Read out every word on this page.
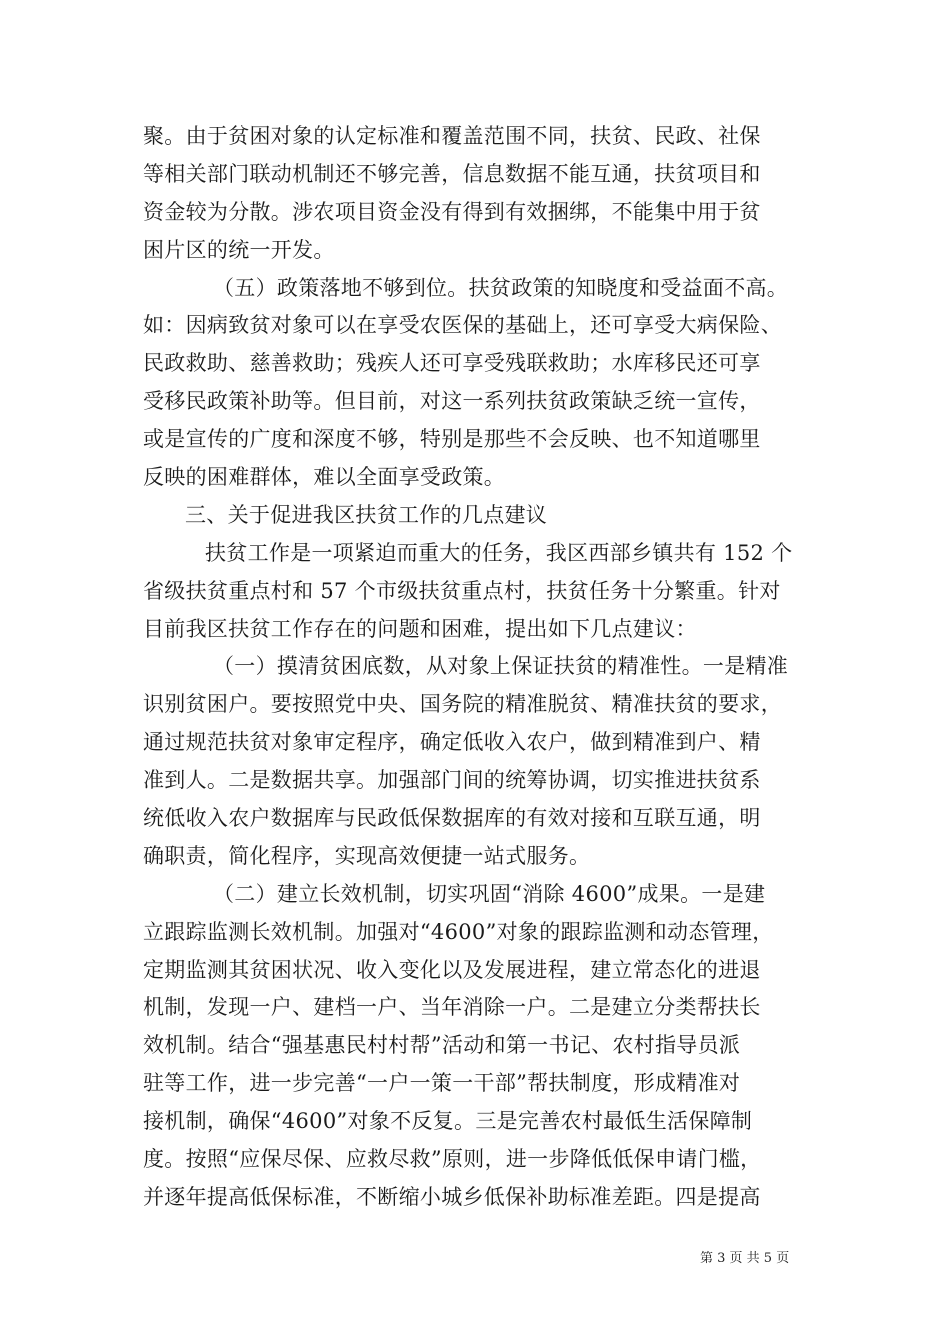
聚。由于贫困对象的认定标准和覆盖范围不同，扶贫、民政、社保
等相关部门联动机制还不够完善，信息数据不能互通，扶贫项目和
资金较为分散。涉农项目资金没有得到有效捆绑，不能集中用于贫
困片区的统一开发。
（五）政策落地不够到位。扶贫政策的知晓度和受益面不高。
如：因病致贫对象可以在享受农医保的基础上，还可享受大病保险、
民政救助、慈善救助；残疾人还可享受残联救助；水库移民还可享
受移民政策补助等。但目前，对这一系列扶贫政策缺乏统一宣传，
或是宣传的广度和深度不够，特别是那些不会反映、也不知道哪里
反映的困难群体，难以全面享受政策。
三、关于促进我区扶贫工作的几点建议
扶贫工作是一项紧迫而重大的任务，我区西部乡镇共有 152 个
省级扶贫重点村和 57 个市级扶贫重点村，扶贫任务十分繁重。针对
目前我区扶贫工作存在的问题和困难，提出如下几点建议：
（一）摸清贫困底数，从对象上保证扶贫的精准性。一是精准
识别贫困户。要按照党中央、国务院的精准脱贫、精准扶贫的要求，
通过规范扶贫对象审定程序，确定低收入农户，做到精准到户、精
准到人。二是数据共享。加强部门间的统筹协调，切实推进扶贫系
统低收入农户数据库与民政低保数据库的有效对接和互联互通，明
确职责，简化程序，实现高效便捷一站式服务。
（二）建立长效机制，切实巩固“消除 4600”成果。一是建
立跟踪监测长效机制。加强对“4600”对象的跟踪监测和动态管理，
定期监测其贫困状况、收入变化以及发展进程，建立常态化的进退
机制，发现一户、建档一户、当年消除一户。二是建立分类帮扶长
效机制。结合“强基惠民村村帮”活动和第一书记、农村指导员派
驻等工作，进一步完善“一户一策一干部”帮扶制度，形成精准对
接机制，确保“4600”对象不反复。三是完善农村最低生活保障制
度。按照“应保尽保、应救尽救”原则，进一步降低低保申请门槛，
并逐年提高低保标准，不断缩小城乡低保补助标准差距。四是提高
第 3 页 共 5 页
